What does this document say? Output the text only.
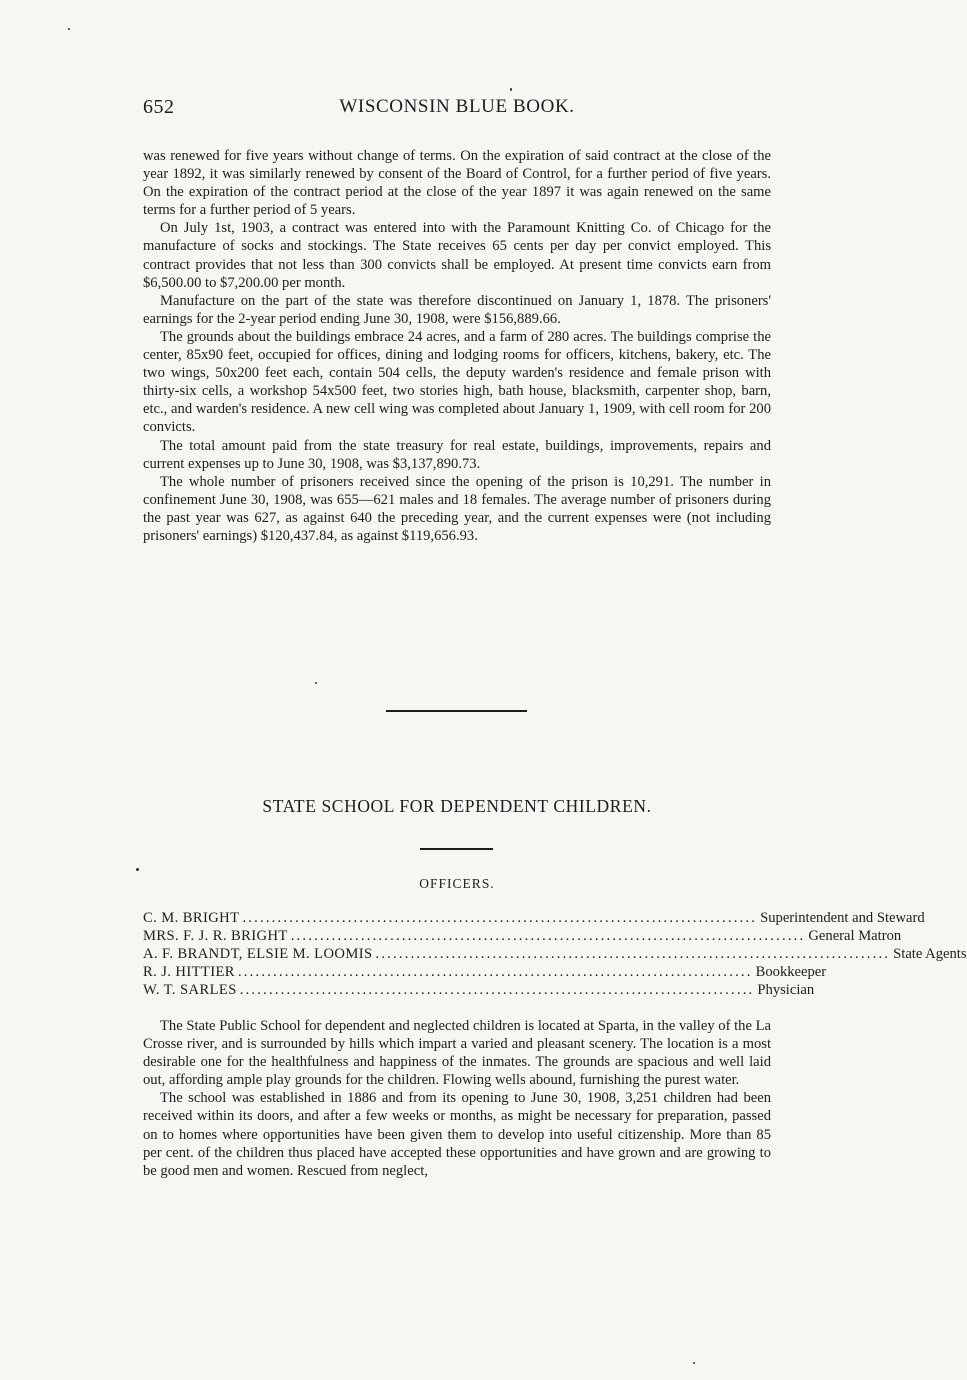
652	WISCONSIN BLUE BOOK.

was renewed for five years without change of terms. On the expiration of said contract at the close of the year 1892, it was similarly renewed by consent of the Board of Control, for a further period of five years. On the expiration of the contract period at the close of the year 1897 it was again renewed on the same terms for a further period of 5 years.

On July 1st, 1903, a contract was entered into with the Paramount Knitting Co. of Chicago for the manufacture of socks and stockings. The State receives 65 cents per day per convict employed. This contract provides that not less than 300 convicts shall be employed. At present time convicts earn from $6,500.00 to $7,200.00 per month.

Manufacture on the part of the state was therefore discontinued on January 1, 1878. The prisoners' earnings for the 2-year period ending June 30, 1908, were $156,889.66.

The grounds about the buildings embrace 24 acres, and a farm of 280 acres. The buildings comprise the center, 85x90 feet, occupied for offices, dining and lodging rooms for officers, kitchens, bakery, etc. The two wings, 50x200 feet each, contain 504 cells, the deputy warden's residence and female prison with thirty-six cells, a workshop 54x500 feet, two stories high, bath house, blacksmith, carpenter shop, barn, etc., and warden's residence. A new cell wing was completed about January 1, 1909, with cell room for 200 convicts.

The total amount paid from the state treasury for real estate, buildings, improvements, repairs and current expenses up to June 30, 1908, was $3,137,890.73.

The whole number of prisoners received since the opening of the prison is 10,291. The number in confinement June 30, 1908, was 655—621 males and 18 females. The average number of prisoners during the past year was 627, as against 640 the preceding year, and the current expenses were (not including prisoners' earnings) $120,437.84, as against $119,656.93.

STATE SCHOOL FOR DEPENDENT CHILDREN.
OFFICERS.
C. M. BRIGHT ........................................................................................ Superintendent and Steward
MRS. F. J. R. BRIGHT ........................................................................................ General Matron
A. F. BRANDT, ELSIE M. LOOMIS ........................................................................................ State Agents
R. J. HITTIER ........................................................................................ Bookkeeper
W. T. SARLES ........................................................................................ Physician

The State Public School for dependent and neglected children is located at Sparta, in the valley of the La Crosse river, and is surrounded by hills which impart a varied and pleasant scenery. The location is a most desirable one for the healthfulness and happiness of the inmates. The grounds are spacious and well laid out, affording ample play grounds for the children. Flowing wells abound, furnishing the purest water.

The school was established in 1886 and from its opening to June 30, 1908, 3,251 children had been received within its doors, and after a few weeks or months, as might be necessary for preparation, passed on to homes where opportunities have been given them to develop into useful citizenship. More than 85 per cent. of the children thus placed have accepted these opportunities and have grown and are growing to be good men and women. Rescued from neglect,
